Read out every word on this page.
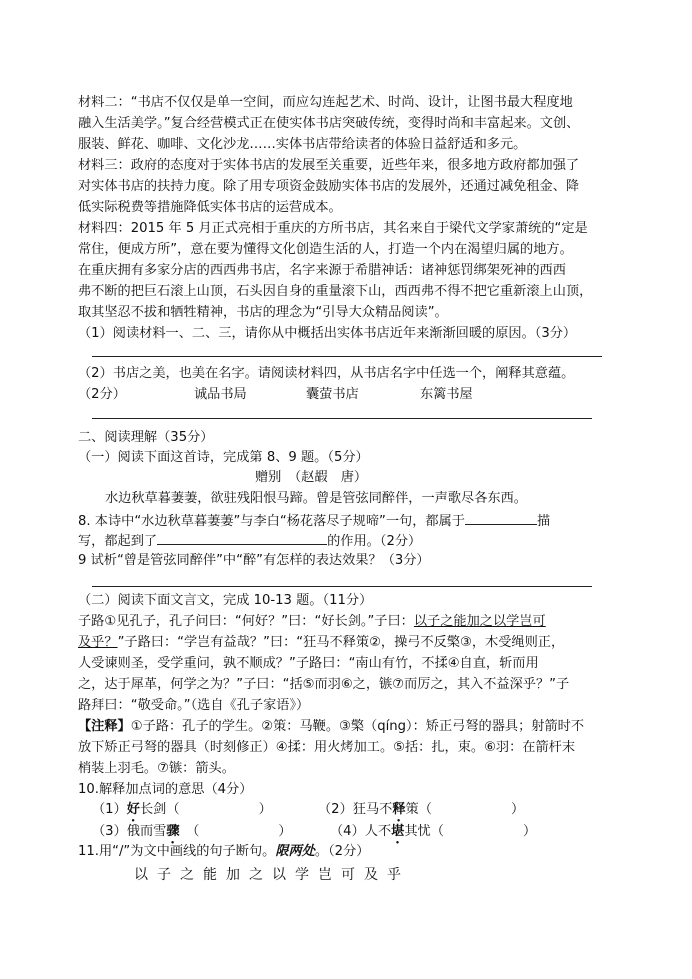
材料二：“书店不仅仅是单一空间，而应勾连起艺术、时尚、设计，让图书最大程度地
融入生活美学。”复合经营模式正在使实体书店突破传统，变得时尚和丰富起来。文创、
服装、鲜花、咖啡、文化沙龙……实体书店带给读者的体验日益舒适和多元。
材料三：政府的态度对于实体书店的发展至关重要，近些年来，很多地方政府都加强了
对实体书店的扶持力度。除了用专项资金鼓励实体书店的发展外，还通过减免租金、降
低实际税费等措施降低实体书店的运营成本。
材料四：2015 年 5 月正式亮相于重庆的方所书店，其名来自于梁代文学家萧统的“定是
常住，便成方所”，意在要为懂得文化创造生活的人，打造一个内在渴望归属的地方。
在重庆拥有多家分店的西西弗书店，名字来源于希腊神话：诸神惩罚绑架死神的西西
弗不断的把巨石滚上山顶，石头因自身的重量滚下山，西西弗不得不把它重新滚上山顶，
取其坚忍不拔和牺牲精神，书店的理念为“引导大众精品阅读”。
（1）阅读材料一、二、三，请你从中概括出实体书店近年来渐渐回暖的原因。（3分）
（2）书店之美，也美在名字。请阅读材料四，从书店名字中任选一个，阐释其意蕴。
（2分）	诚品书局	囊萤书店	东篱书屋
二、阅读理解（35分）
（一）阅读下面这首诗，完成第 8、9 题。（5分）
赠别　（赵嘏　唐）
水边秋草暮萋萋，欲驻残阳恨马蹄。曾是管弦同醉伴，一声歌尽各东西。
8. 本诗中“水边秋草暮萋萋”与李白“杨花落尽子规啼”一句，都属于	描
写，都起到了	的作用。（2分）
9 试析“曾是管弦同醉伴”中“醉”有怎样的表达效果？（3分）
（二）阅读下面文言文，完成 10-13 题。（11分）
子路①见孔子，孔子问曰：“何好？”曰：“好长剑。”子曰：以子之能加之以学岂可
及乎？”子路曰：“学岂有益哉？”曰：“狂马不释策②，操弓不反檠③，木受绳则正，
人受谏则圣，受学重问，孰不顺成？”子路曰：“南山有竹，不揉④自直，斩而用
之，达于犀革，何学之为？”子曰：“括⑤而羽⑥之，镞⑦而厉之，其入不益深乎？”子
路拜曰：“敬受命。”（选自《孔子家语》）
【注释】①子路：孔子的学生。②策：马鞭。③檠（qíng）：矫正弓弩的器具；射箭时不
放下矫正弓弩的器具（时刻修正）④揉：用火烤加工。⑤括：扎，束。⑥羽：在箭杆末
梢装上羽毛。⑦镞：箭头。
10.解释加点词的意思（4分）
（1）好长剑（　　　　　　）	（2）狂马不释策（　　　　　　）
（3）俄而雪骤　（　　　　　　）	（4）人不堪其忧（　　　　　　）
11.用“/”为文中画线的句子断句。限两处。（2分）
以子之能加之以学岂可及乎
